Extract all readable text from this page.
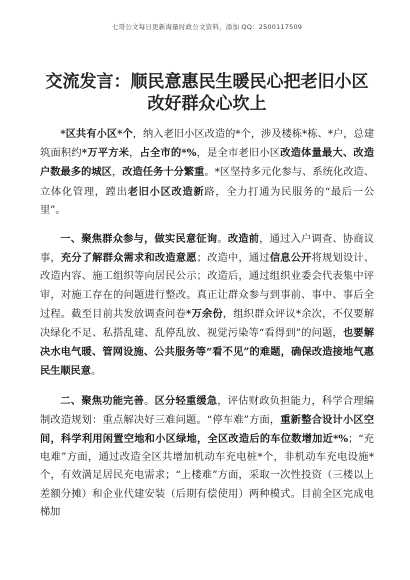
七哥公文每日更新海量时政公文资料，添加 QQ：2500117509
交流发言：顺民意惠民生暖民心把老旧小区改好群众心坎上

*区共有小区*个，纳入老旧小区改造的*个，涉及楼栋*栋、*户，总建筑面积约*万平方米，占全市的*%，是全市老旧小区改造体量最大、改造户数最多的城区，改造任务十分繁重。*区坚持多元化参与、系统化改造、立体化管理，蹚出老旧小区改造新路，全力打通为民服务的“最后一公里”。

一、聚焦群众参与，做实民意征询。改造前，通过入户调查、协商议事，充分了解群众需求和改造意愿；改造中，通过信息公开将规划设计、改造内容、施工组织等向居民公示；改造后，通过组织业委会代表集中评审，对施工存在的问题进行整改。真正让群众参与到事前、事中、事后全过程。截至目前共发放调查问卷*万余份，组织群众评议*余次，不仅要解决绿化不足、私搭乱建、乱停乱放、视觉污染等“看得到”的问题，也要解决水电气暖、管网设施、公共服务等“看不见”的难题，确保改造接地气惠民生顺民意。

二、聚焦功能完善。区分轻重缓急，评估财政负担能力，科学合理编制改造规划：重点解决好三难问题。“停车难”方面，重新整合设计小区空间，科学利用闲置空地和小区绿地，全区改造后的车位数增加近*%；“充电难”方面，通过改造全区共增加机动车充电桩*个，非机动车充电设施*个，有效满足居民充电需求；“上楼难”方面，采取一次性投资（三楼以上差额分摊）和企业代建安装（后期有偿使用）两种模式。目前全区完成电梯加
